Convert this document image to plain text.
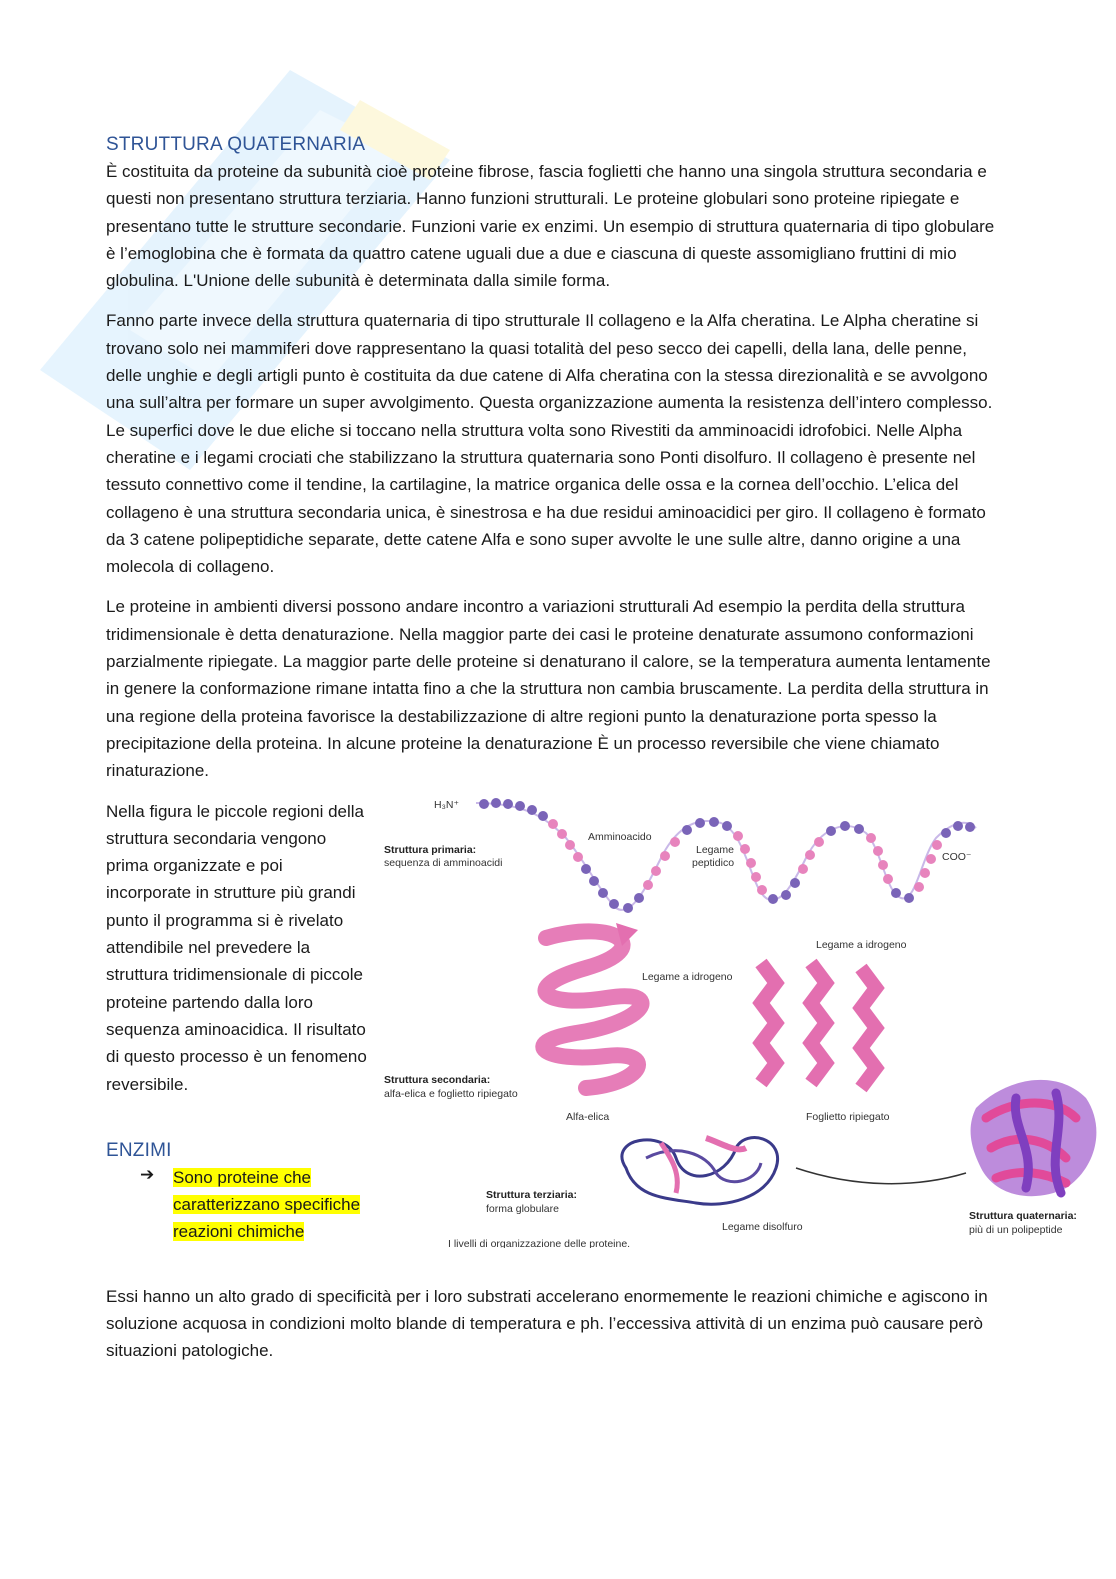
STRUTTURA QUATERNARIA

È costituita da proteine da subunità cioè proteine fibrose, fascia foglietti che hanno una singola struttura secondaria e questi non presentano struttura terziaria. Hanno funzioni strutturali. Le proteine globulari sono proteine ripiegate e presentano tutte le strutture secondarie. Funzioni varie ex enzimi. Un esempio di struttura quaternaria di tipo globulare è l’emoglobina che è formata da quattro catene uguali due a due e ciascuna di queste assomigliano fruttini di mio globulina. L'Unione delle subunità è determinata dalla simile forma.

Fanno parte invece della struttura quaternaria di tipo strutturale Il collageno e la Alfa cheratina. Le Alpha cheratine si trovano solo nei mammiferi dove rappresentano la quasi totalità del peso secco dei capelli, della lana, delle penne, delle unghie e degli artigli punto è costituita da due catene di Alfa cheratina con la stessa direzionalità e se avvolgono una sull’altra per formare un super avvolgimento. Questa organizzazione aumenta la resistenza dell’intero complesso. Le superfici dove le due eliche si toccano nella struttura volta sono Rivestiti da amminoacidi idrofobici. Nelle Alpha cheratine e i legami crociati che stabilizzano la struttura quaternaria sono Ponti disolfuro. Il collageno è presente nel tessuto connettivo come il tendine, la cartilagine, la matrice organica delle ossa e la cornea dell’occhio. L’elica del collageno è una struttura secondaria unica, è sinestrosa e ha due residui aminoacidici per giro. Il collageno è formato da 3 catene polipeptidiche separate, dette catene Alfa e sono super avvolte le une sulle altre, danno origine a una molecola di collageno.

Le proteine in ambienti diversi possono andare incontro a variazioni strutturali Ad esempio la perdita della struttura tridimensionale è detta denaturazione. Nella maggior parte dei casi le proteine denaturate assumono conformazioni parzialmente ripiegate. La maggior parte delle proteine si denaturano il calore, se la temperatura aumenta lentamente in genere la conformazione rimane intatta fino a che la struttura non cambia bruscamente. La perdita della struttura in una regione della proteina favorisce la destabilizzazione di altre regioni punto la denaturazione porta spesso la precipitazione della proteina. In alcune proteine la denaturazione È un processo reversibile che viene chiamato rinaturazione.

Nella figura le piccole regioni della struttura secondaria vengono prima organizzate e poi incorporate in strutture più grandi punto il programma si è rivelato attendibile nel prevedere la struttura tridimensionale di piccole proteine partendo dalla loro sequenza aminoacidica. Il risultato di questo processo è un fenomeno reversibile.
ENZIMI
➔ Sono proteine che caratterizzano specifiche reazioni chimiche
H₃N⁺
COO⁻
Amminoacido
Legame
peptidico
Struttura primaria:
sequenza di amminoacidi
Legame a idrogeno
Legame a idrogeno
Struttura secondaria:
alfa-elica e foglietto ripiegato
Alfa-elica	Foglietto ripiegato
Struttura terziaria:
forma globulare
Legame disolfuro
Struttura quaternaria:
più di un polipeptide
I livelli di organizzazione delle proteine.

Essi hanno un alto grado di specificità per i loro substrati accelerano enormemente le reazioni chimiche e agiscono in soluzione acquosa in condizioni molto blande di temperatura e ph. l’eccessiva attività di un enzima può causare però situazioni patologiche.
